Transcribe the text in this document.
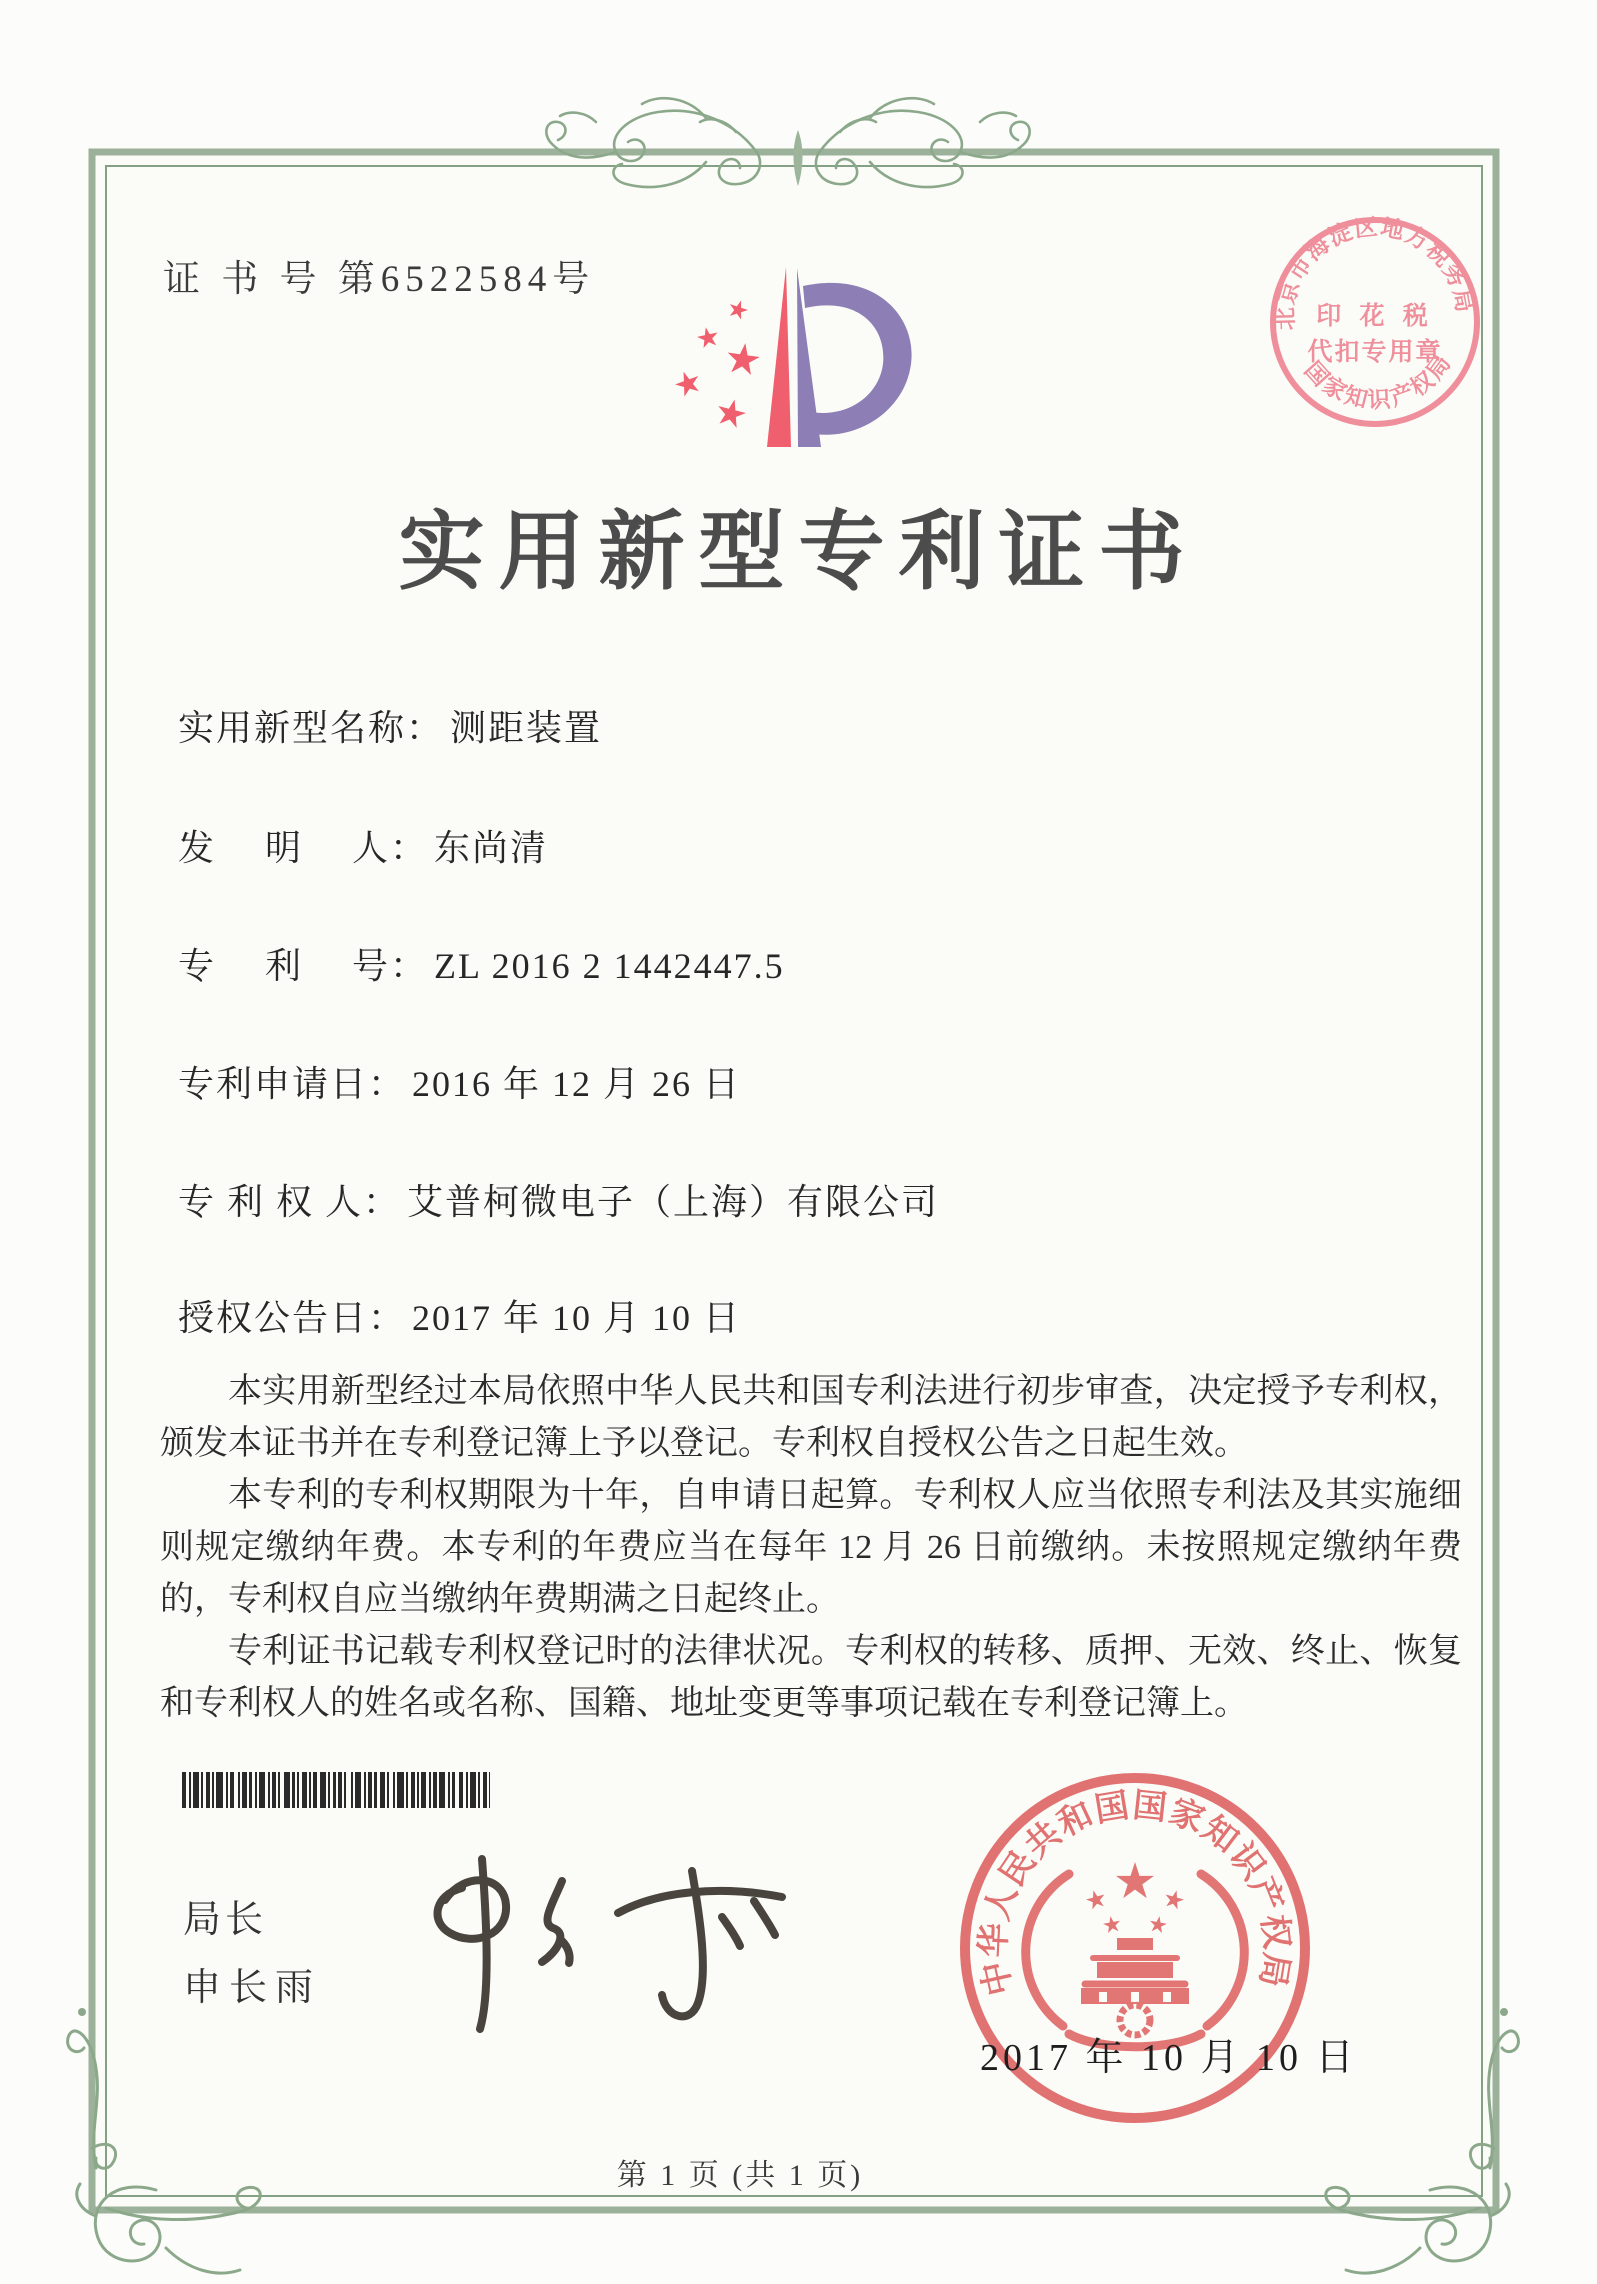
证 书 号 第6522584号
北京市海淀区地方税务局
印 花 税
代扣专用章
国家知识产权局
实用新型专利证书
实用新型名称： 测距装置
发　 明　 人： 东尚清
专　 利　 号： ZL 2016 2 1442447.5
专利申请日： 2016 年 12 月 26 日
专 利 权 人： 艾普柯微电子（上海）有限公司
授权公告日： 2017 年 10 月 10 日

本实用新型经过本局依照中华人民共和国专利法进行初步审查，决定授予专利权，颁发本证书并在专利登记簿上予以登记。专利权自授权公告之日起生效。

本专利的专利权期限为十年，自申请日起算。专利权人应当依照专利法及其实施细则规定缴纳年费。本专利的年费应当在每年 12 月 26 日前缴纳。未按照规定缴纳年费的，专利权自应当缴纳年费期满之日起终止。

专利证书记载专利权登记时的法律状况。专利权的转移、质押、无效、终止、恢复和专利权人的姓名或名称、国籍、地址变更等事项记载在专利登记簿上。

局长
申长雨	中华人民共和国国家知识产权局
2017 年 10 月 10 日
第 1 页 (共 1 页)
